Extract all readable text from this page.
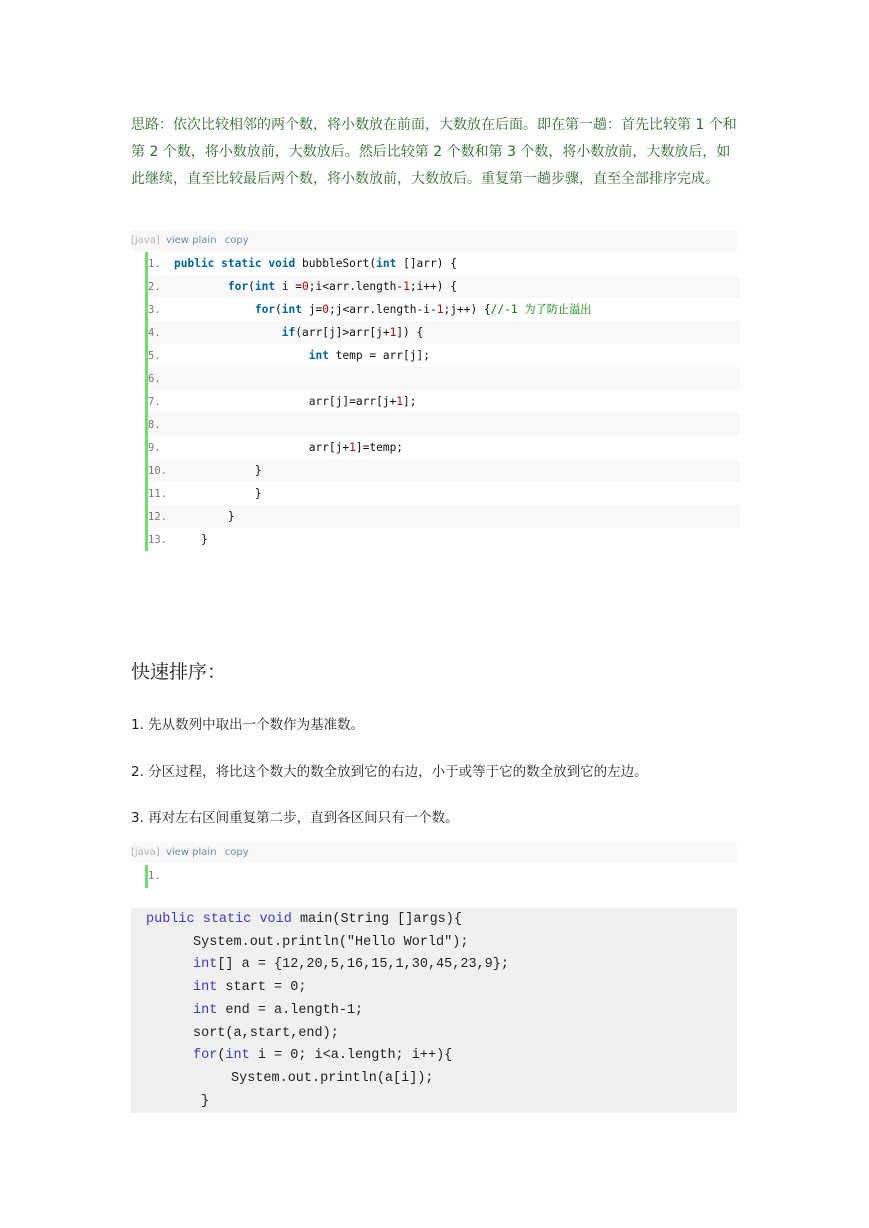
思路：依次比较相邻的两个数，将小数放在前面，大数放在后面。即在第一趟：首先比较第 1 个和第 2 个数，将小数放前，大数放后。然后比较第 2 个数和第 3 个数，将小数放前，大数放后，如此继续，直至比较最后两个数，将小数放前，大数放后。重复第一趟步骤，直至全部排序完成。
[java] view plain copy
1. public static void bubbleSort(int []arr) {
2.	for(int i =0;i<arr.length-1;i++) {
3.	for(int j=0;j<arr.length-i-1;j++) {//-1 为了防止溢出
4.	if(arr[j]>arr[j+1]) {
5.	int temp = arr[j];
6.
7.	arr[j]=arr[j+1];
8.
9.	arr[j+1]=temp;
10.	}
11.	}
12.	}
13.	}
快速排序：
1. 先从数列中取出一个数作为基准数。
2. 分区过程，将比这个数大的数全放到它的右边，小于或等于它的数全放到它的左边。
3. 再对左右区间重复第二步，直到各区间只有一个数。
[java] view plain copy
1.
public static void main(String []args){
System.out.println("Hello World");
int[] a = {12,20,5,16,15,1,30,45,23,9};
int start = 0;
int end = a.length-1;
sort(a,start,end);
for(int i = 0; i<a.length; i++){
System.out.println(a[i]);
}
